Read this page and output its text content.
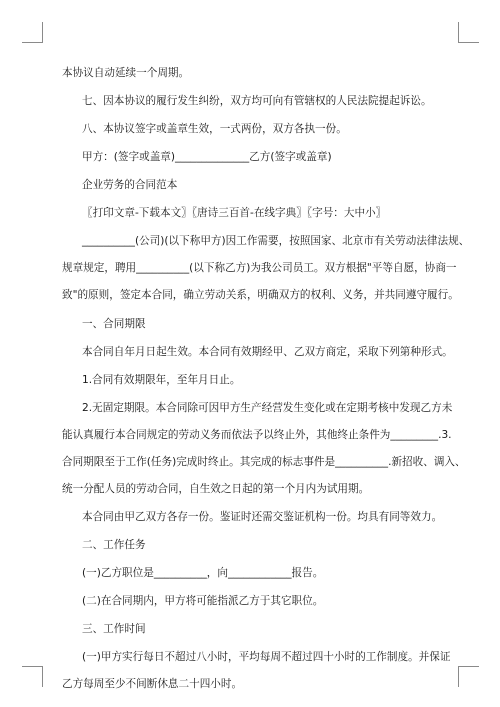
本协议自动延续一个周期。
七、因本协议的履行发生纠纷，双方均可向有管辖权的人民法院提起诉讼。
八、本协议签字或盖章生效，一式两份，双方各执一份。
甲方：(签字或盖章)______________乙方(签字或盖章)
企业劳务的合同范本
〖打印文章-下载本文〗〖唐诗三百首-在线字典〗〖字号：大中小〗
__________(公司)(以下称甲方)因工作需要，按照国家、北京市有关劳动法律法规、
规章规定，聘用__________(以下称乙方)为我公司员工。双方根据"平等自愿，协商一
致"的原则，签定本合同，确立劳动关系，明确双方的权利、义务，并共同遵守履行。
一、合同期限
本合同自年月日起生效。本合同有效期经甲、乙双方商定，采取下列第种形式。
1.合同有效期限年，至年月日止。
2.无固定期限。本合同除可因甲方生产经营发生变化或在定期考核中发现乙方未
能认真履行本合同规定的劳动义务而依法予以终止外，其他终止条件为_________.3.
合同期限至于工作(任务)完成时终止。其完成的标志事件是__________.新招收、调入、
统一分配人员的劳动合同，自生效之日起的第一个月内为试用期。
本合同由甲乙双方各存一份。鉴证时还需交鉴证机构一份。均具有同等效力。
二、工作任务
(一)乙方职位是__________，向____________报告。
(二)在合同期内，甲方将可能指派乙方于其它职位。
三、工作时间
(一)甲方实行每日不超过八小时，平均每周不超过四十小时的工作制度。并保证
乙方每周至少不间断休息二十四小时。
